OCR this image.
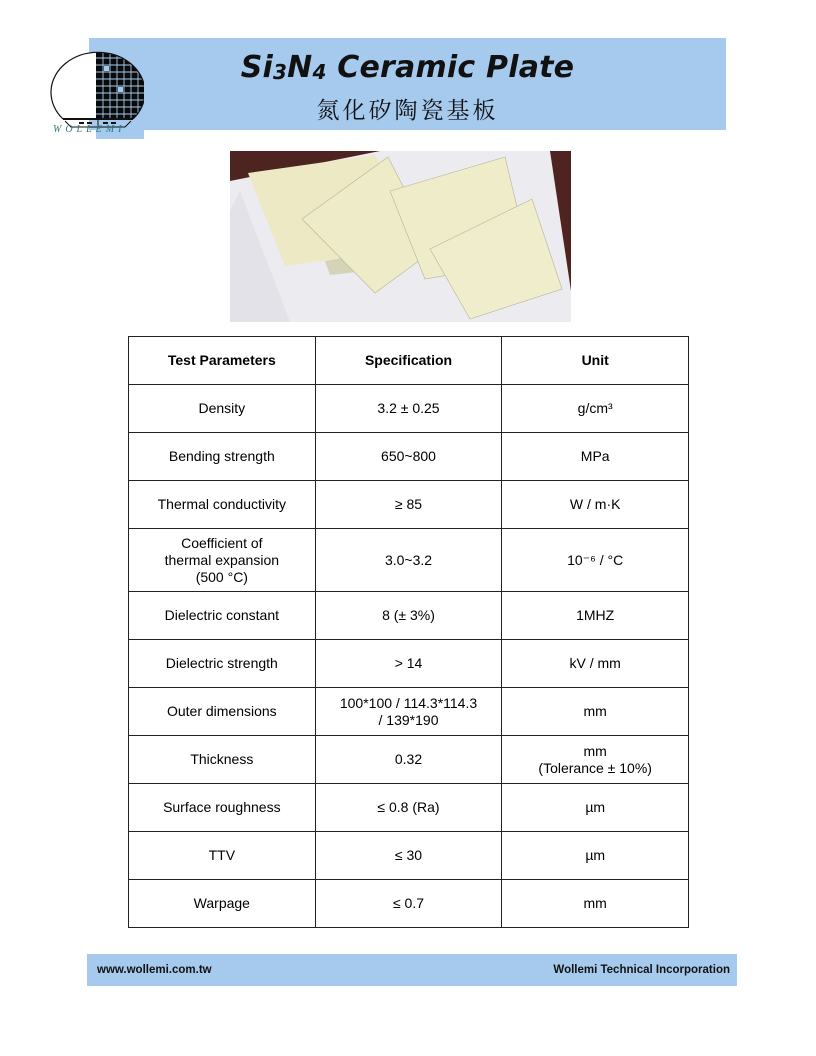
WOLLEMI
$Si_3N_4$ Ceramic Plate
氮化矽陶瓷基板
Test Parameters	Specification	Unit
Density	3.2 ± 0.25	g/cm³
Bending strength	650~800	MPa
Thermal conductivity	≥ 85	W / m·K

Coefficient of
thermal expansion
(500 °C)	3.0~3.2	10⁻⁶ / °C
Dielectric constant	8 (± 3%)	1MHZ
Dielectric strength	> 14	kV / mm
Outer dimensions	100*100 / 114.3*114.3
/ 139*190	mm
Thickness	0.32	mm
(Tolerance ± 10%)

Surface roughness	≤ 0.8 (Ra)	µm
TTV	≤ 30	µm
Warpage	≤ 0.7	mm
www.wollemi.com.tw	Wollemi Technical Incorporation
